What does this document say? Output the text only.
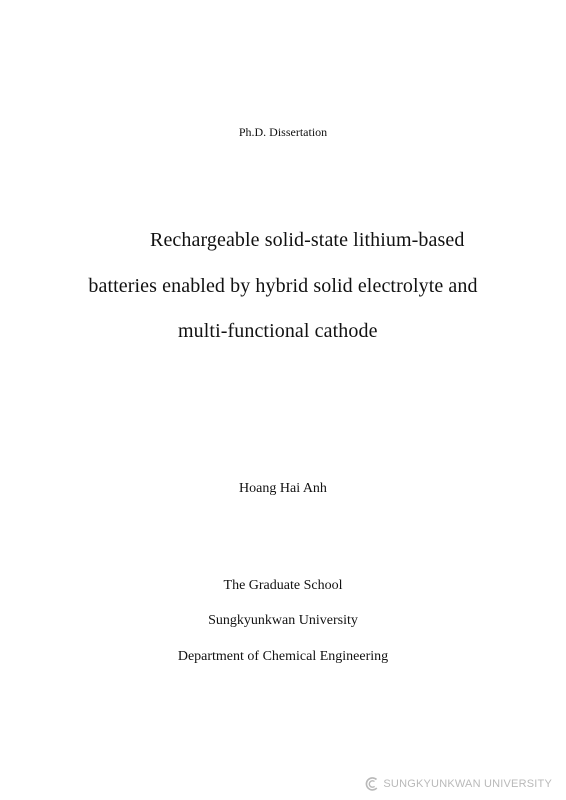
Ph.D. Dissertation
Rechargeable solid-state lithium-based
batteries enabled by hybrid solid electrolyte and
multi-functional cathode
Hoang Hai Anh
The Graduate School
Sungkyunkwan University
Department of Chemical Engineering
SUNGKYUNKWAN UNIVERSITY
